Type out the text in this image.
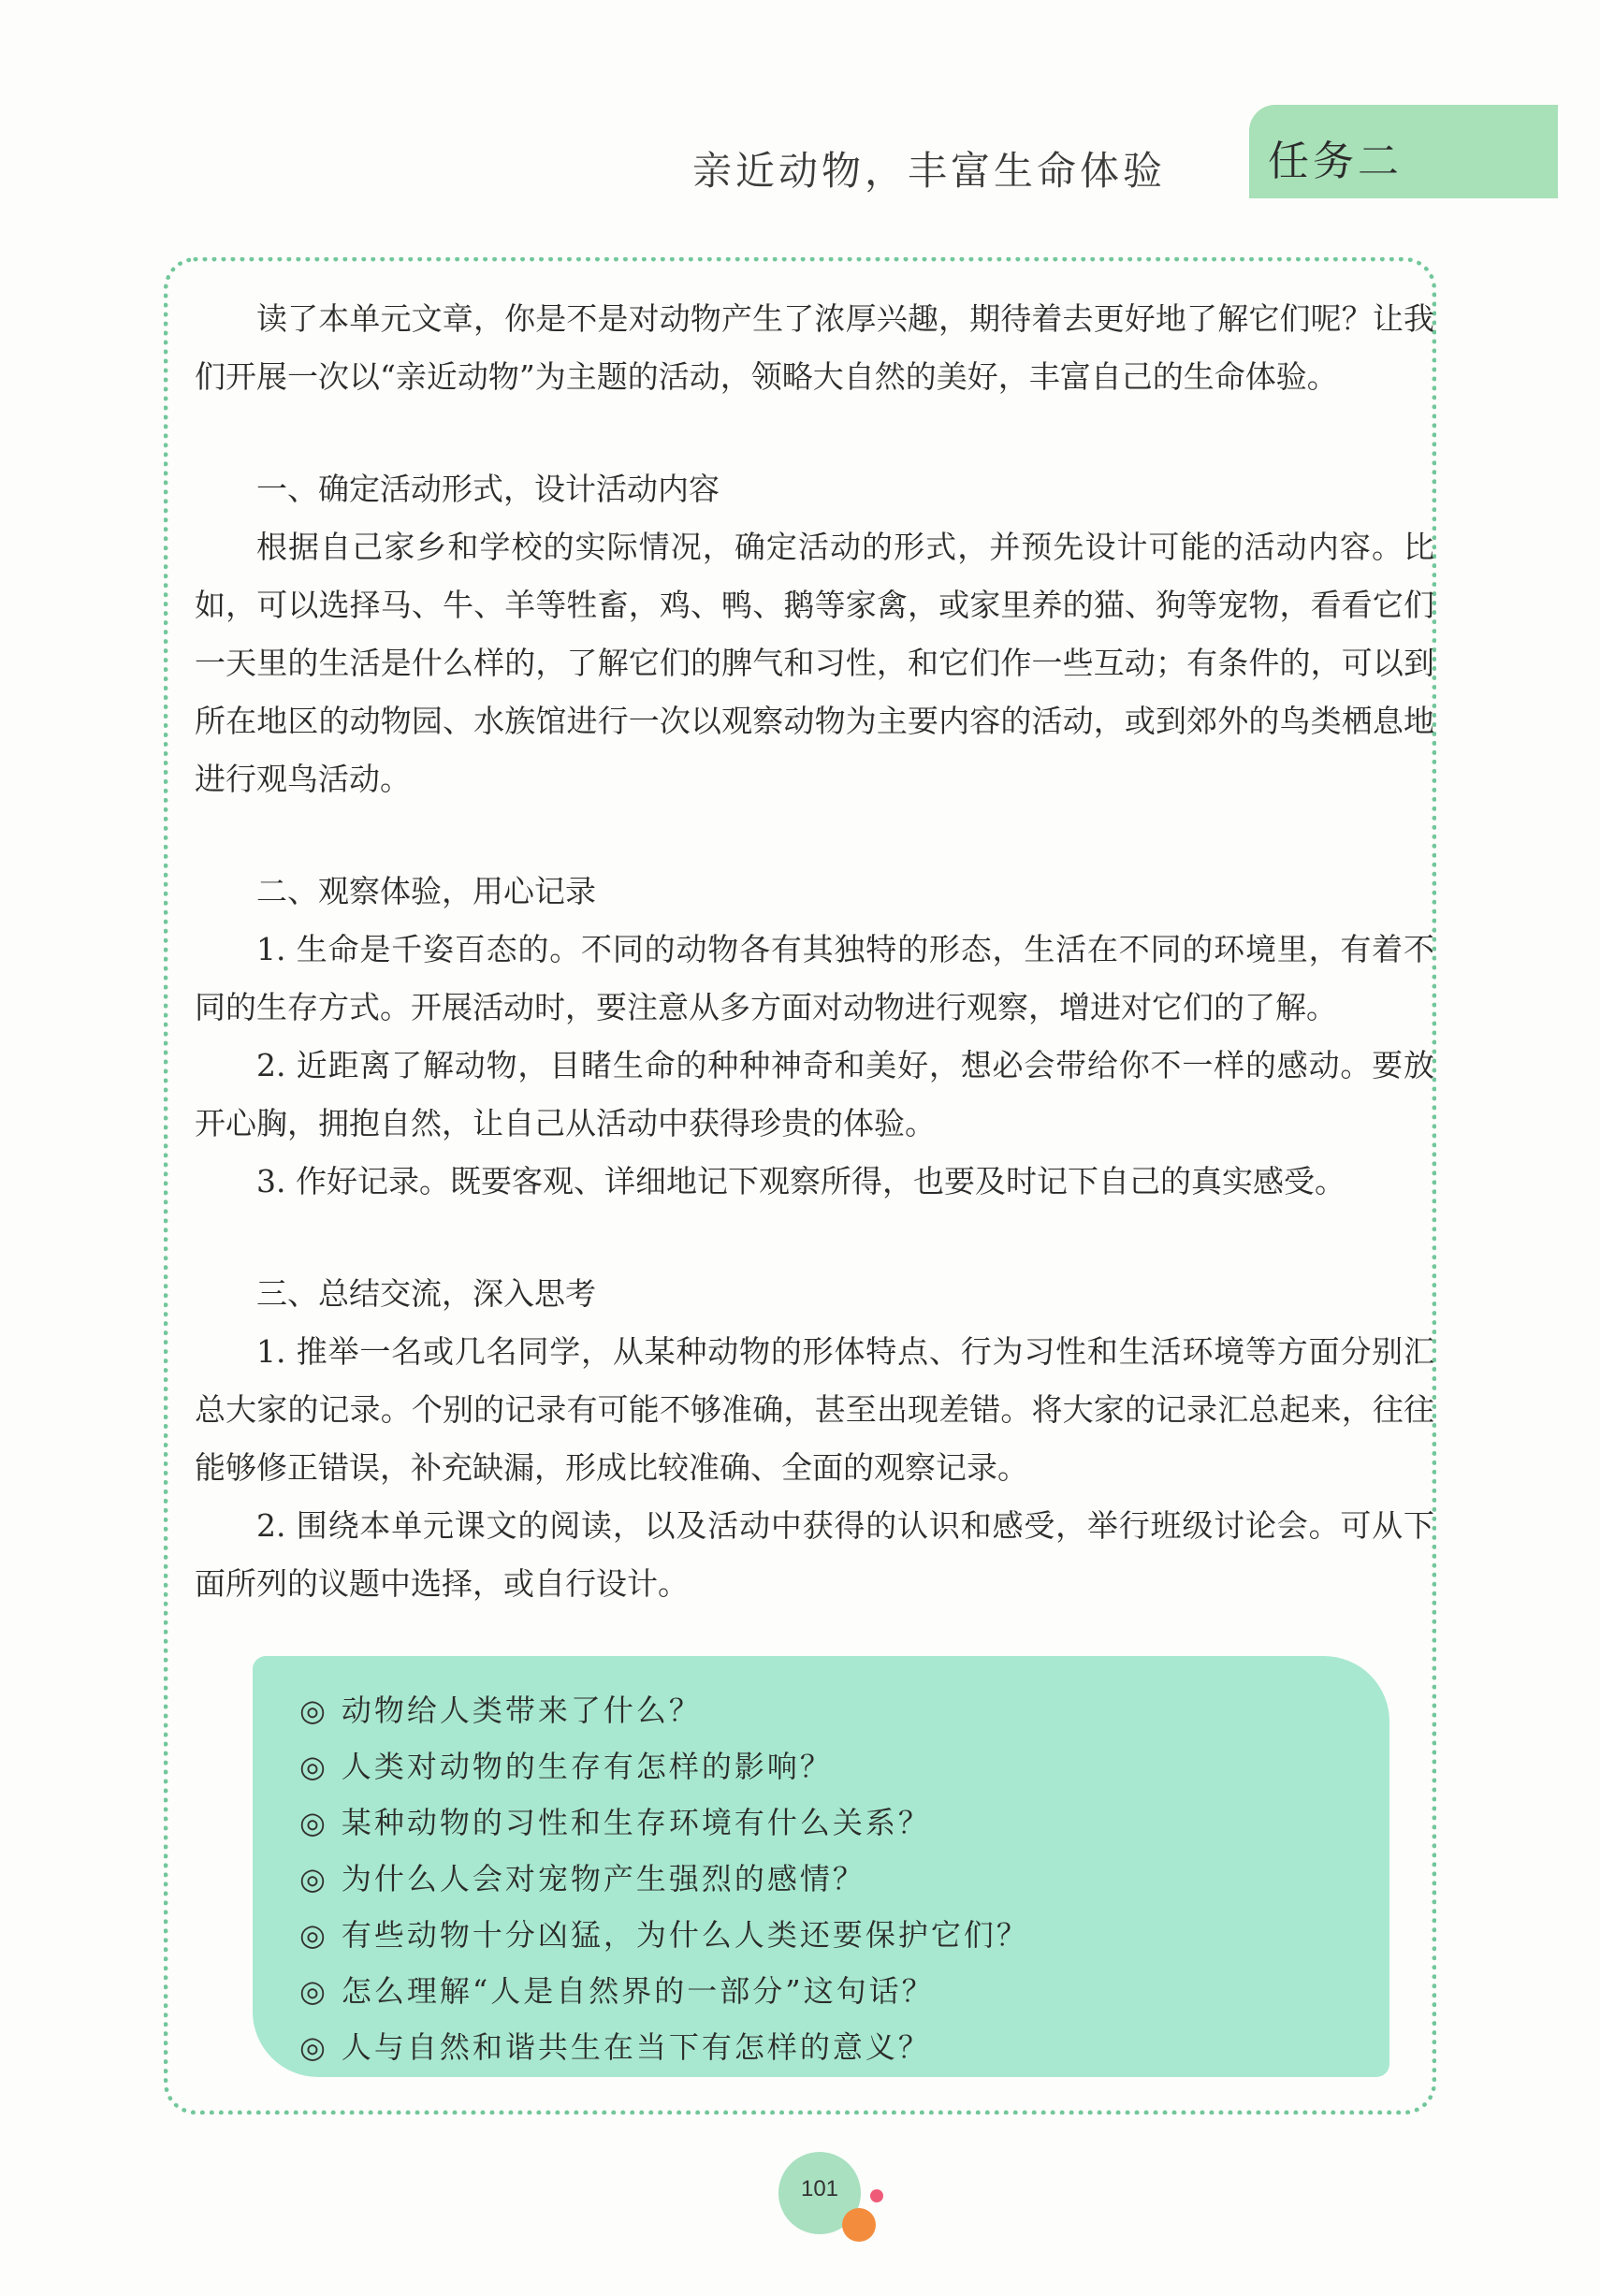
亲近动物，丰富生命体验 任务二

读了本单元文章，你是不是对动物产生了浓厚兴趣，期待着去更好地了解它们呢？让我们开展一次以“亲近动物”为主题的活动，领略大自然的美好，丰富自己的生命体验。

一、确定活动形式，设计活动内容

根据自己家乡和学校的实际情况，确定活动的形式，并预先设计可能的活动内容。比如，可以选择马、牛、羊等牲畜，鸡、鸭、鹅等家禽，或家里养的猫、狗等宠物，看看它们一天里的生活是什么样的，了解它们的脾气和习性，和它们作一些互动；有条件的，可以到所在地区的动物园、水族馆进行一次以观察动物为主要内容的活动，或到郊外的鸟类栖息地进行观鸟活动。

二、观察体验，用心记录

1. 生命是千姿百态的。不同的动物各有其独特的形态，生活在不同的环境里，有着不同的生存方式。开展活动时，要注意从多方面对动物进行观察，增进对它们的了解。

2. 近距离了解动物，目睹生命的种种神奇和美好，想必会带给你不一样的感动。要放开心胸，拥抱自然，让自己从活动中获得珍贵的体验。

3. 作好记录。既要客观、详细地记下观察所得，也要及时记下自己的真实感受。

三、总结交流，深入思考

1. 推举一名或几名同学，从某种动物的形体特点、行为习性和生活环境等方面分别汇总大家的记录。个别的记录有可能不够准确，甚至出现差错。将大家的记录汇总起来，往往能够修正错误，补充缺漏，形成比较准确、全面的观察记录。

2. 围绕本单元课文的阅读，以及活动中获得的认识和感受，举行班级讨论会。可从下面所列的议题中选择，或自行设计。

◎ 动物给人类带来了什么？
◎ 人类对动物的生存有怎样的影响？
◎ 某种动物的习性和生存环境有什么关系？
◎ 为什么人会对宠物产生强烈的感情？
◎ 有些动物十分凶猛，为什么人类还要保护它们？
◎ 怎么理解“人是自然界的一部分”这句话？
◎ 人与自然和谐共生在当下有怎样的意义？
101
